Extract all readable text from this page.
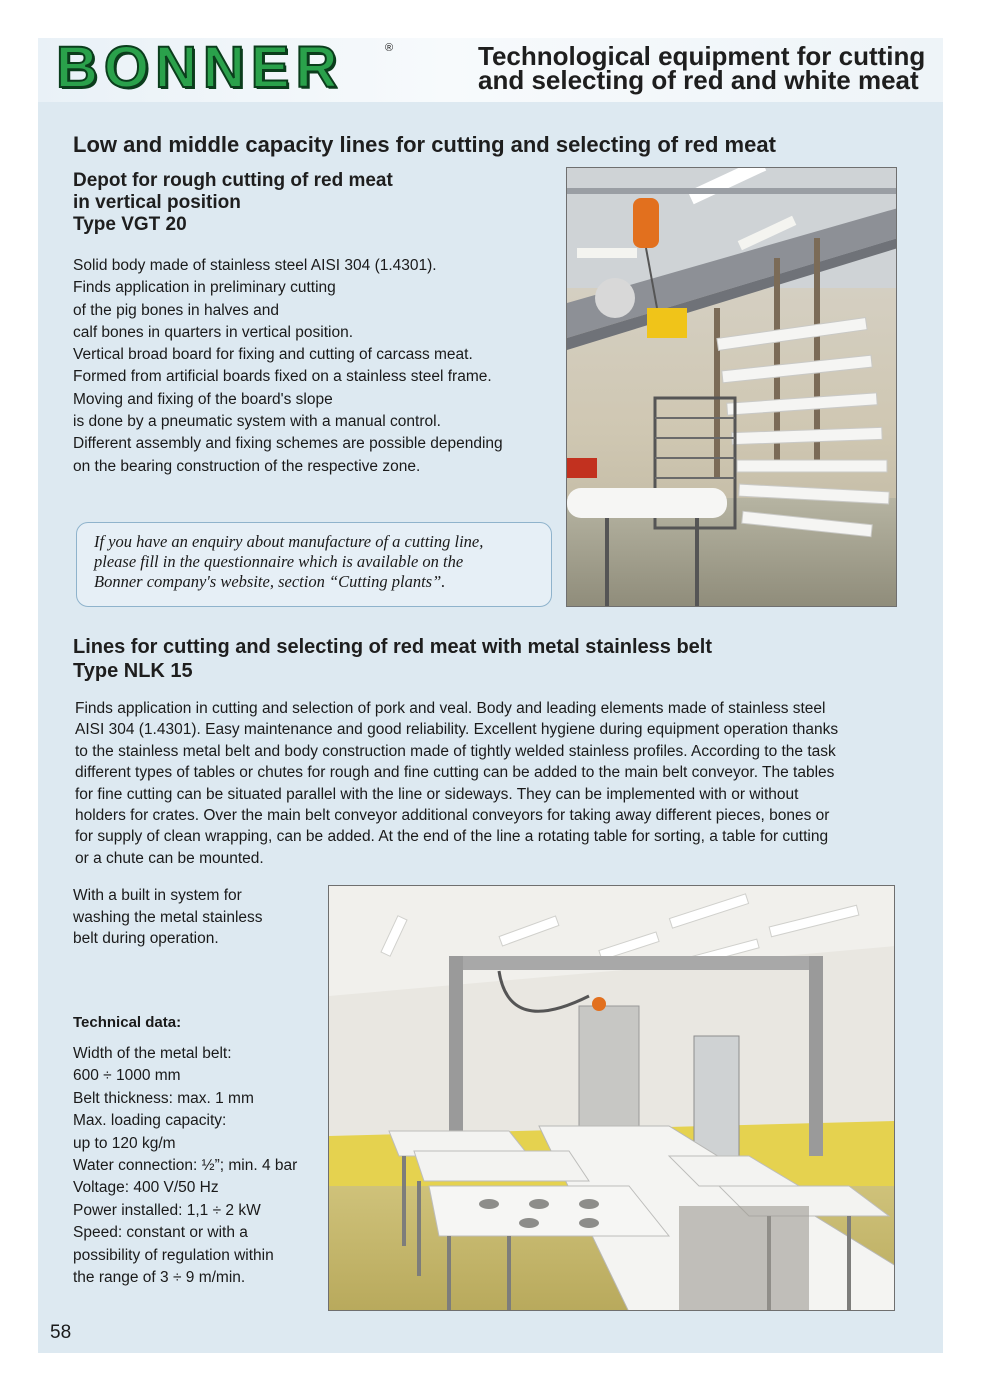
BONNER	®	Technological equipment for cutting
and selecting of red and white meat
Low and middle capacity lines for cutting and selecting of red meat
Depot for rough cutting of red meat
in vertical position
Type VGT 20
Solid body made of stainless steel AISI 304 (1.4301).
Finds application in preliminary cutting
of the pig bones in halves and
calf bones in quarters in vertical position.
Vertical broad board for fixing and cutting of carcass meat.
Formed from artificial boards fixed on a stainless steel frame.
Moving and fixing of the board's slope
is done by a pneumatic system with a manual control.
Different assembly and fixing schemes are possible depending
on the bearing construction of the respective zone.
If you have an enquiry about manufacture of a cutting line,
please fill in the questionnaire which is available on the
Bonner company's website, section “Cutting plants”.
Lines for cutting and selecting of red meat with metal stainless belt
Type NLK 15
Finds application in cutting and selection of pork and veal. Body and leading elements made of stainless steel
AISI 304 (1.4301). Easy maintenance and good reliability. Excellent hygiene during equipment operation thanks
to the stainless metal belt and body construction made of tightly welded stainless profiles. According to the task
different types of tables or chutes for rough and fine cutting can be added to the main belt conveyor. The tables
for fine cutting can be situated parallel with the line or sideways. They can be implemented with or without
holders for crates. Over the main belt conveyor additional conveyors for taking away different pieces, bones or
for supply of clean wrapping, can be added. At the end of the line a rotating table for sorting, a table for cutting
or a chute can be mounted.
With a built in system for
washing the metal stainless
belt during operation.
Technical data:
Width of the metal belt:
600 ÷ 1000 mm
Belt thickness: max. 1 mm
Max. loading capacity:
up to 120 kg/m
Water connection: ½”; min. 4 bar
Voltage: 400 V/50 Hz
Power installed: 1,1 ÷ 2 kW
Speed: constant or with a
possibility of regulation within
the range of 3 ÷ 9 m/min.
58
